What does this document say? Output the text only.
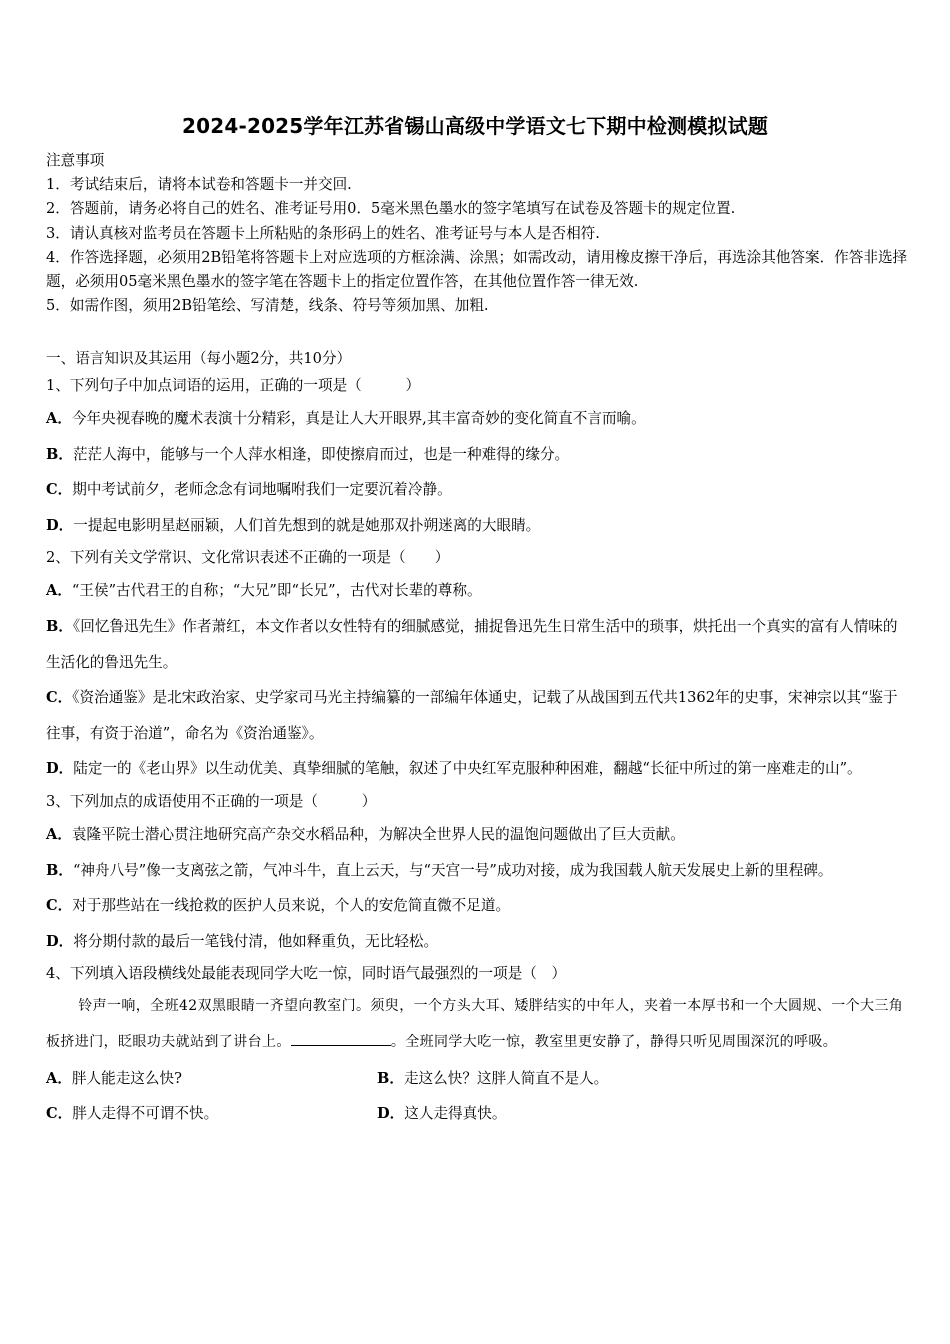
2024-2025学年江苏省锡山高级中学语文七下期中检测模拟试题
注意事项
1．考试结束后，请将本试卷和答题卡一并交回.
2．答题前，请务必将自己的姓名、准考证号用0．5毫米黑色墨水的签字笔填写在试卷及答题卡的规定位置.
3．请认真核对监考员在答题卡上所粘贴的条形码上的姓名、准考证号与本人是否相符.
4．作答选择题，必须用2B铅笔将答题卡上对应选项的方框涂满、涂黑；如需改动，请用橡皮擦干净后，再选涂其他答案．作答非选择题，必须用05毫米黑色墨水的签字笔在答题卡上的指定位置作答，在其他位置作答一律无效.
5．如需作图，须用2B铅笔绘、写清楚，线条、符号等须加黑、加粗.
一、语言知识及其运用（每小题2分，共10分）
1、下列句子中加点词语的运用，正确的一项是（　　　）
A．今年央视春晚的魔术表演十分精彩，真是让人大开眼界,其丰富奇妙的变化简直不言而喻。
B．茫茫人海中，能够与一个人萍水相逢，即使擦肩而过，也是一种难得的缘分。
C．期中考试前夕，老师念念有词地嘱咐我们一定要沉着冷静。
D．一提起电影明星赵丽颖，人们首先想到的就是她那双扑朔迷离的大眼睛。
2、下列有关文学常识、文化常识表述不正确的一项是（　　）
A．“王侯”古代君王的自称；“大兄”即“长兄”，古代对长辈的尊称。
B．《回忆鲁迅先生》作者萧红，本文作者以女性特有的细腻感觉，捕捉鲁迅先生日常生活中的琐事，烘托出一个真实的富有人情味的生活化的鲁迅先生。
C．《资治通鉴》是北宋政治家、史学家司马光主持编纂的一部编年体通史，记载了从战国到五代共1362年的史事，宋神宗以其“鉴于往事，有资于治道”，命名为《资治通鉴》。
D．陆定一的《老山界》以生动优美、真挚细腻的笔触，叙述了中央红军克服种种困难，翻越“长征中所过的第一座难走的山”。
3、下列加点的成语使用不正确的一项是（　　　）
A．袁隆平院士潜心贯注地研究高产杂交水稻品种，为解决全世界人民的温饱问题做出了巨大贡献。
B．“神舟八号”像一支离弦之箭，气冲斗牛，直上云天，与“天宫一号”成功对接，成为我国载人航天发展史上新的里程碑。
C．对于那些站在一线抢救的医护人员来说，个人的安危简直微不足道。
D．将分期付款的最后一笔钱付清，他如释重负，无比轻松。
4、下列填入语段横线处最能表现同学大吃一惊，同时语气最强烈的一项是（　）
铃声一响，全班42双黑眼睛一齐望向教室门。须臾，一个方头大耳、矮胖结实的中年人，夹着一本厚书和一个大圆规、一个大三角板挤进门，眨眼功夫就站到了讲台上。	。全班同学大吃一惊，教室里更安静了，静得只听见周围深沉的呼吸。
A．胖人能走这么快?	B．走这么快？这胖人简直不是人。
C．胖人走得不可谓不快。	D．这人走得真快。
